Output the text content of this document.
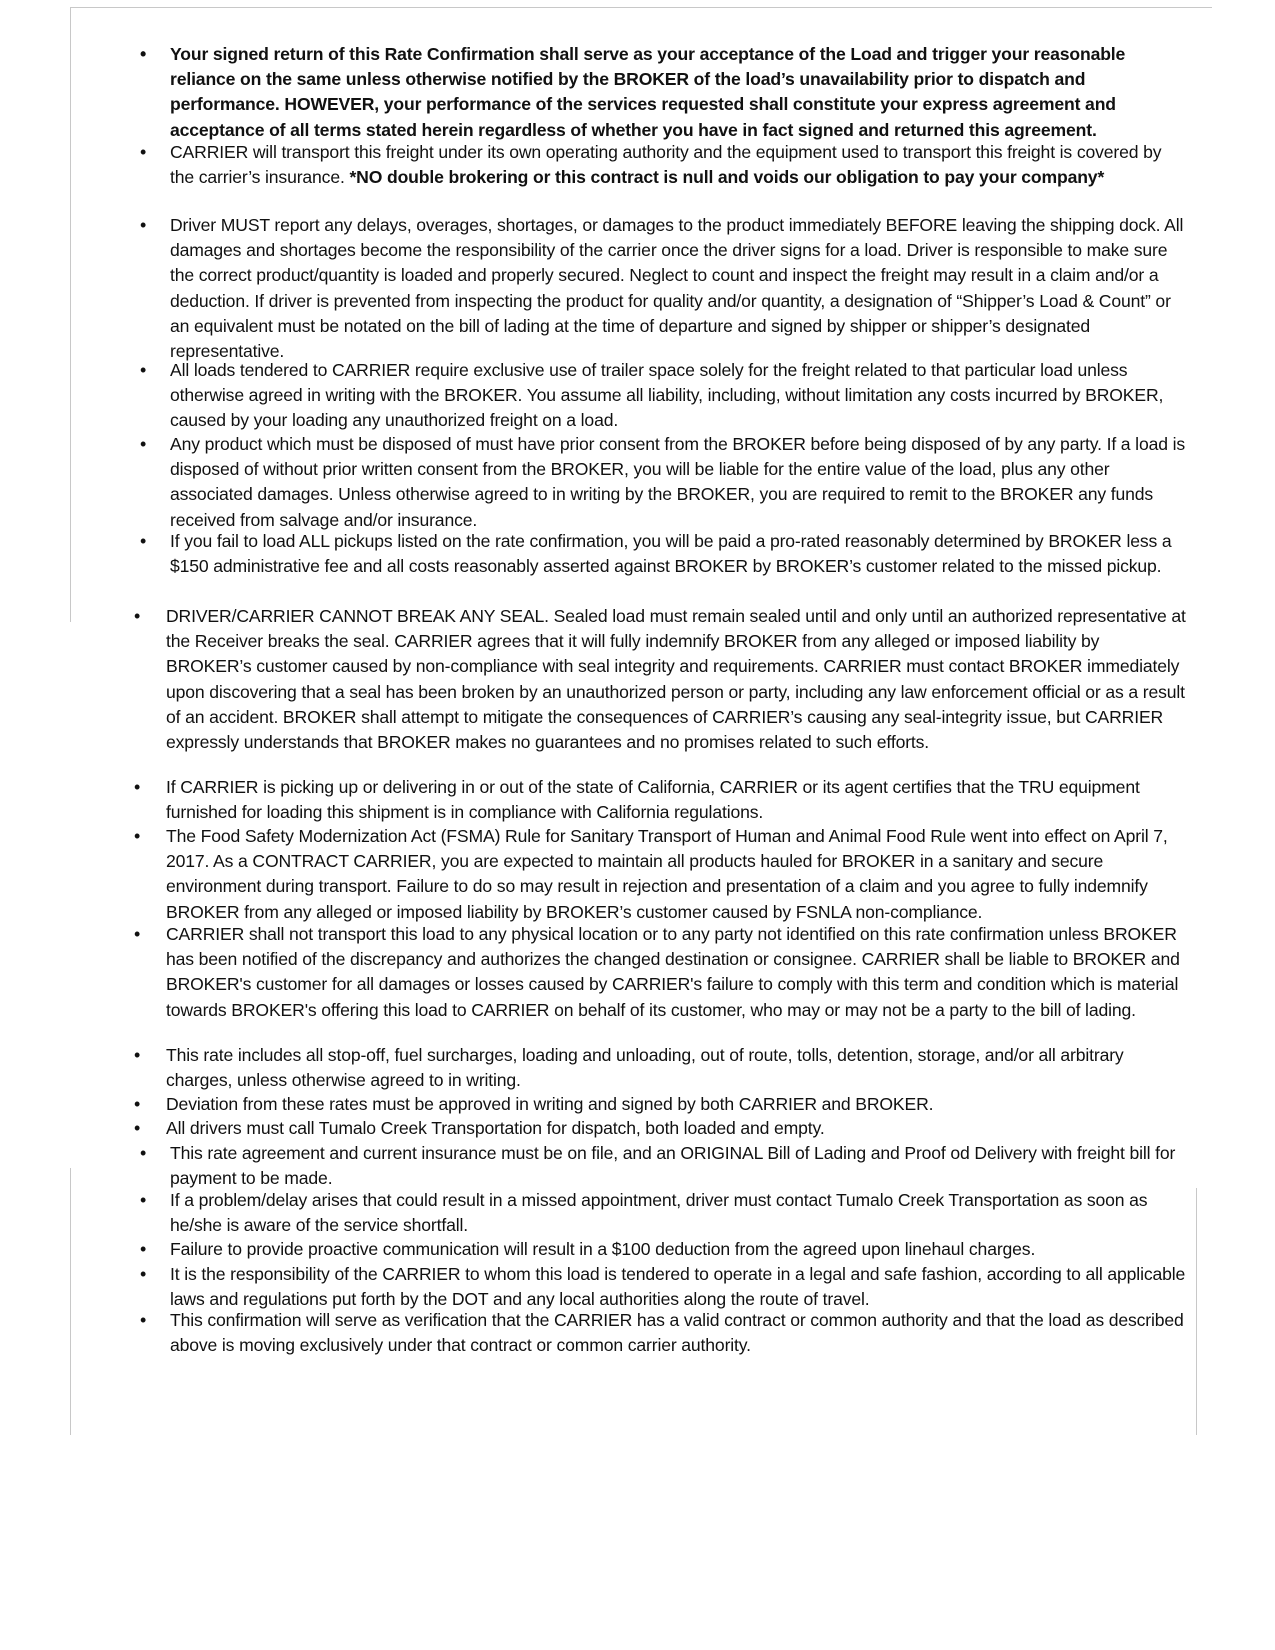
• Your signed return of this Rate Confirmation shall serve as your acceptance of the Load and trigger your reasonable reliance on the same unless otherwise notified by the BROKER of the load’s unavailability prior to dispatch and performance. HOWEVER, your performance of the services requested shall constitute your express agreement and acceptance of all terms stated herein regardless of whether you have in fact signed and returned this agreement.
• CARRIER will transport this freight under its own operating authority and the equipment used to transport this freight is covered by the carrier’s insurance. *NO double brokering or this contract is null and voids our obligation to pay your company*
• Driver MUST report any delays, overages, shortages, or damages to the product immediately BEFORE leaving the shipping dock. All damages and shortages become the responsibility of the carrier once the driver signs for a load. Driver is responsible to make sure the correct product/quantity is loaded and properly secured. Neglect to count and inspect the freight may result in a claim and/or a deduction. If driver is prevented from inspecting the product for quality and/or quantity, a designation of “Shipper’s Load & Count” or an equivalent must be notated on the bill of lading at the time of departure and signed by shipper or shipper’s designated representative.
• All loads tendered to CARRIER require exclusive use of trailer space solely for the freight related to that particular load unless otherwise agreed in writing with the BROKER. You assume all liability, including, without limitation any costs incurred by BROKER, caused by your loading any unauthorized freight on a load.
• Any product which must be disposed of must have prior consent from the BROKER before being disposed of by any party. If a load is disposed of without prior written consent from the BROKER, you will be liable for the entire value of the load, plus any other associated damages. Unless otherwise agreed to in writing by the BROKER, you are required to remit to the BROKER any funds received from salvage and/or insurance.
• If you fail to load ALL pickups listed on the rate confirmation, you will be paid a pro-rated reasonably determined by BROKER less a $150 administrative fee and all costs reasonably asserted against BROKER by BROKER’s customer related to the missed pickup.
• DRIVER/CARRIER CANNOT BREAK ANY SEAL. Sealed load must remain sealed until and only until an authorized representative at the Receiver breaks the seal. CARRIER agrees that it will fully indemnify BROKER from any alleged or imposed liability by BROKER’s customer caused by non-compliance with seal integrity and requirements. CARRIER must contact BROKER immediately upon discovering that a seal has been broken by an unauthorized person or party, including any law enforcement official or as a result of an accident. BROKER shall attempt to mitigate the consequences of CARRIER’s causing any seal-integrity issue, but CARRIER expressly understands that BROKER makes no guarantees and no promises related to such efforts.
• If CARRIER is picking up or delivering in or out of the state of California, CARRIER or its agent certifies that the TRU equipment furnished for loading this shipment is in compliance with California regulations.
• The Food Safety Modernization Act (FSMA) Rule for Sanitary Transport of Human and Animal Food Rule went into effect on April 7, 2017. As a CONTRACT CARRIER, you are expected to maintain all products hauled for BROKER in a sanitary and secure environment during transport. Failure to do so may result in rejection and presentation of a claim and you agree to fully indemnify BROKER from any alleged or imposed liability by BROKER’s customer caused by FSNLA non-compliance.
• CARRIER shall not transport this load to any physical location or to any party not identified on this rate confirmation unless BROKER has been notified of the discrepancy and authorizes the changed destination or consignee. CARRIER shall be liable to BROKER and BROKER's customer for all damages or losses caused by CARRIER's failure to comply with this term and condition which is material towards BROKER's offering this load to CARRIER on behalf of its customer, who may or may not be a party to the bill of lading.
• This rate includes all stop-off, fuel surcharges, loading and unloading, out of route, tolls, detention, storage, and/or all arbitrary charges, unless otherwise agreed to in writing.
• Deviation from these rates must be approved in writing and signed by both CARRIER and BROKER.
• All drivers must call Tumalo Creek Transportation for dispatch, both loaded and empty.
• This rate agreement and current insurance must be on file, and an ORIGINAL Bill of Lading and Proof od Delivery with freight bill for payment to be made.
• If a problem/delay arises that could result in a missed appointment, driver must contact Tumalo Creek Transportation as soon as he/she is aware of the service shortfall.
• Failure to provide proactive communication will result in a $100 deduction from the agreed upon linehaul charges.
• It is the responsibility of the CARRIER to whom this load is tendered to operate in a legal and safe fashion, according to all applicable laws and regulations put forth by the DOT and any local authorities along the route of travel.
• This confirmation will serve as verification that the CARRIER has a valid contract or common authority and that the load as described above is moving exclusively under that contract or common carrier authority.
